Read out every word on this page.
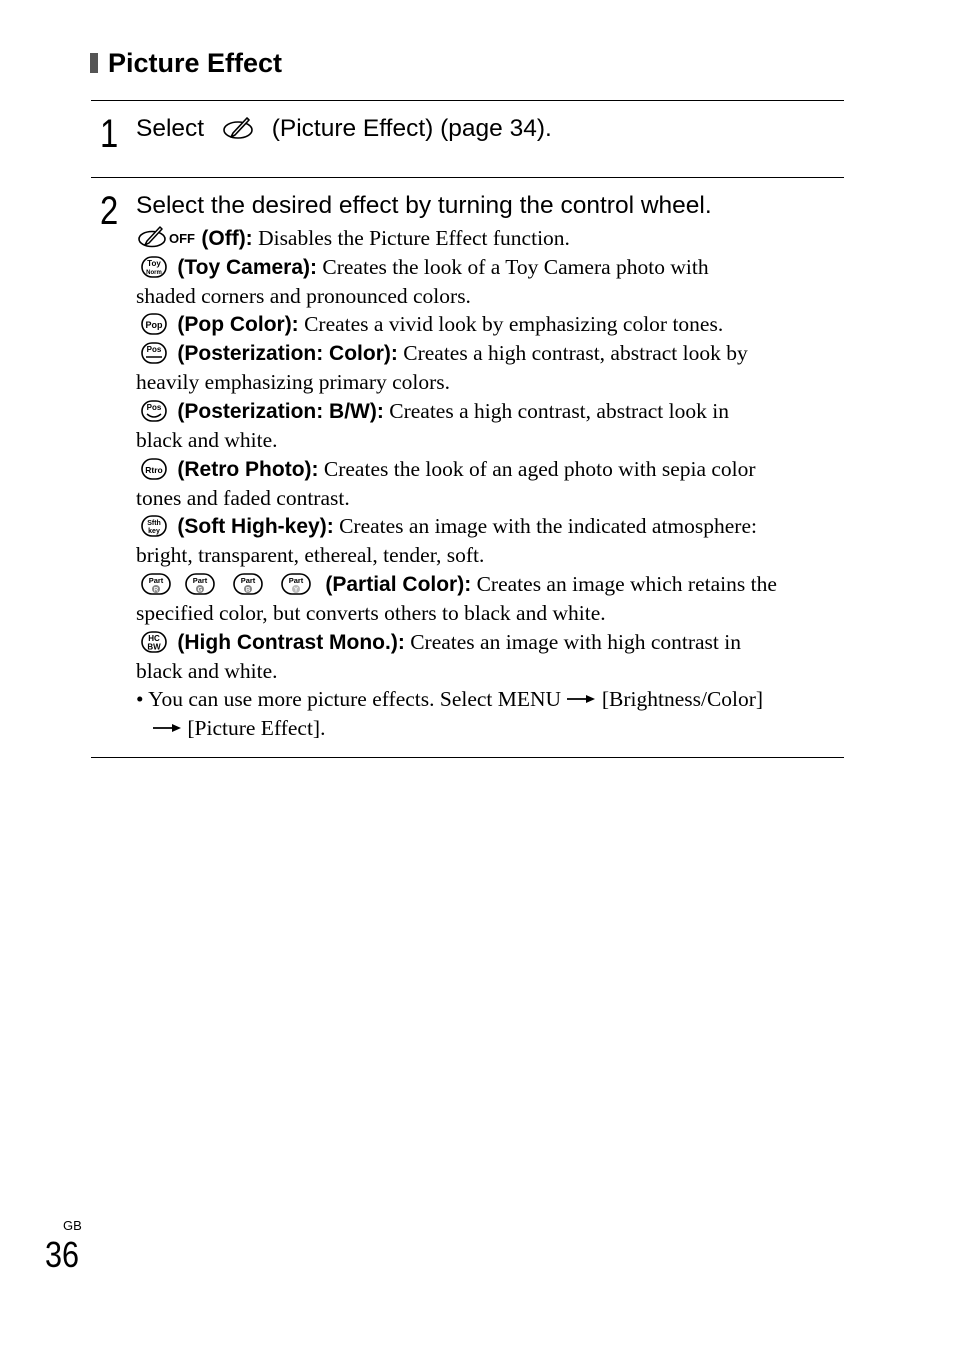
Picture Effect
1 Select	(Picture Effect) (page 34).
2 Select the desired effect by turning the control wheel.
OFF (Off): Disables the Picture Effect function.
Toy
Norm (Toy Camera): Creates the look of a Toy Camera photo with
shaded corners and pronounced colors.
Pop (Pop Color): Creates a vivid look by emphasizing color tones.
Pos (Posterization: Color): Creates a high contrast, abstract look by
heavily emphasizing primary colors.
Pos (Posterization: B/W): Creates a high contrast, abstract look in
black and white.
Rtro (Retro Photo): Creates the look of an aged photo with sepia color
tones and faded contrast.
Sfth
key (Soft High-key): Creates an image with the indicated atmosphere:
bright, transparent, ethereal, tender, soft.
Part
R
Part
G
Part
B
Part
Y (Partial Color): Creates an image which retains the
specified color, but converts others to black and white.
HC
BW (High Contrast Mono.): Creates an image with high contrast in
black and white.
• You can use more picture effects. Select MENU [Brightness/Color]
[Picture Effect].
GB
36
